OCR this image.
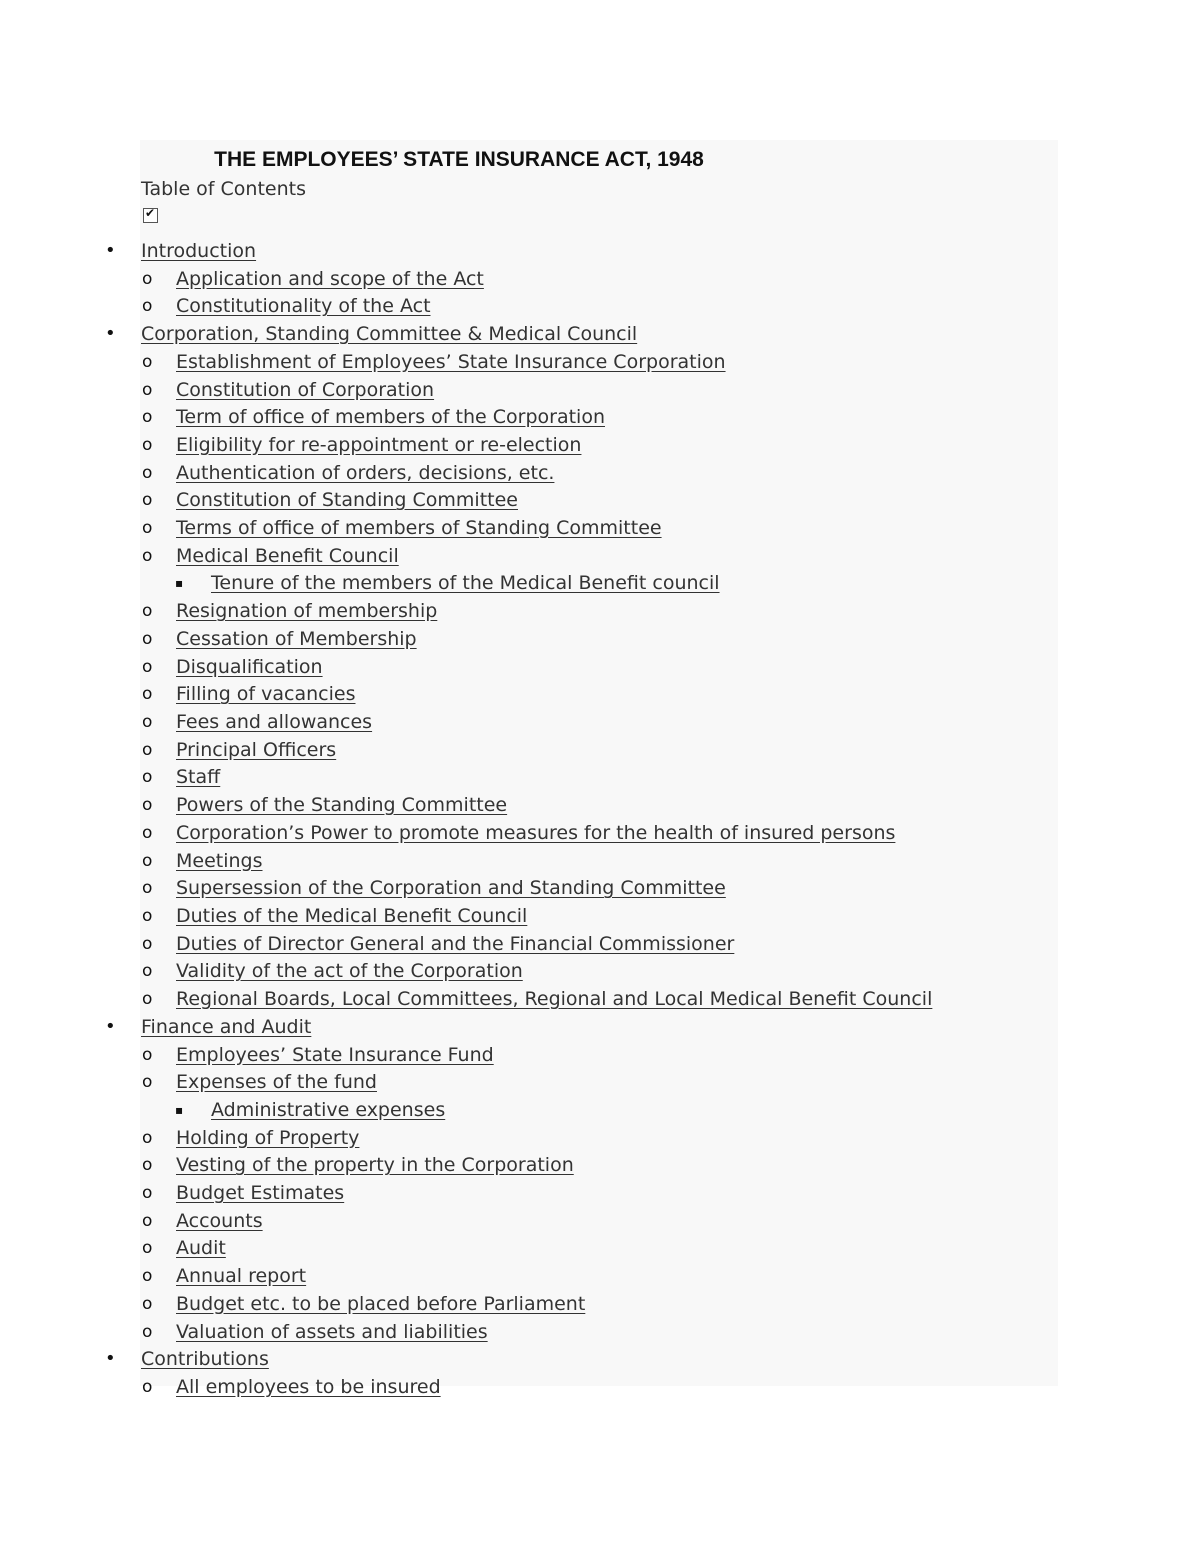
THE EMPLOYEES’ STATE INSURANCE ACT, 1948
Table of Contents
✔
• Introduction
o Application and scope of the Act
o Constitutionality of the Act
• Corporation, Standing Committee & Medical Council
o Establishment of Employees’ State Insurance Corporation
o Constitution of Corporation
o Term of office of members of the Corporation
o Eligibility for re-appointment or re-election
o Authentication of orders, decisions, etc.
o Constitution of Standing Committee
o Terms of office of members of Standing Committee
o Medical Benefit Council
▪ Tenure of the members of the Medical Benefit council
o Resignation of membership
o Cessation of Membership
o Disqualification
o Filling of vacancies
o Fees and allowances
o Principal Officers
o Staff
o Powers of the Standing Committee
o Corporation’s Power to promote measures for the health of insured persons
o Meetings
o Supersession of the Corporation and Standing Committee
o Duties of the Medical Benefit Council
o Duties of Director General and the Financial Commissioner
o Validity of the act of the Corporation
o Regional Boards, Local Committees, Regional and Local Medical Benefit Council
• Finance and Audit
o Employees’ State Insurance Fund
o Expenses of the fund
▪ Administrative expenses
o Holding of Property
o Vesting of the property in the Corporation
o Budget Estimates
o Accounts
o Audit
o Annual report
o Budget etc. to be placed before Parliament
o Valuation of assets and liabilities
• Contributions
o All employees to be insured
